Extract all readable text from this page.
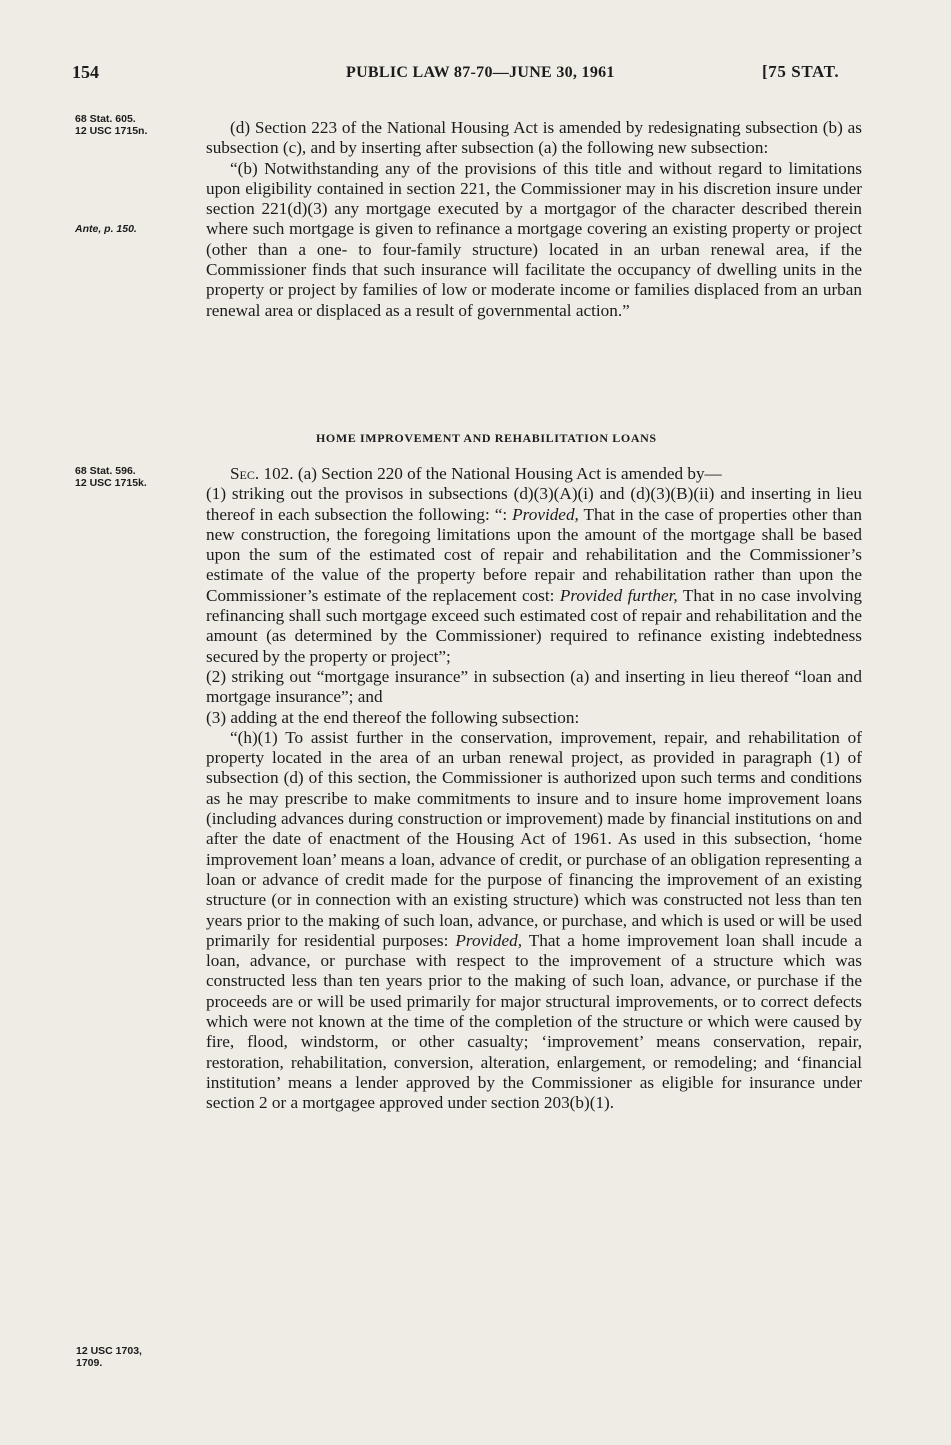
154	PUBLIC LAW 87-70—JUNE 30, 1961	[75 STAT.
68 Stat. 605.
12 USC 1715n.
Ante, p. 150.
68 Stat. 596.
12 USC 1715k.
12 USC 1703,
1709.

(d) Section 223 of the National Housing Act is amended by redesignating subsection (b) as subsection (c), and by inserting after subsection (a) the following new subsection:

“(b) Notwithstanding any of the provisions of this title and without regard to limitations upon eligibility contained in section 221, the Commissioner may in his discretion insure under section 221(d)(3) any mortgage executed by a mortgagor of the character described therein where such mortgage is given to refinance a mortgage covering an existing property or project (other than a one- to four-family structure) located in an urban renewal area, if the Commissioner finds that such insurance will facilitate the occupancy of dwelling units in the property or project by families of low or moderate income or families displaced from an urban renewal area or displaced as a result of governmental action.”

HOME IMPROVEMENT AND REHABILITATION LOANS

Sec. 102. (a) Section 220 of the National Housing Act is amended by—

(1) striking out the provisos in subsections (d)(3)(A)(i) and (d)(3)(B)(ii) and inserting in lieu thereof in each subsection the following: “: Provided, That in the case of properties other than new construction, the foregoing limitations upon the amount of the mortgage shall be based upon the sum of the estimated cost of repair and rehabilitation and the Commissioner’s estimate of the value of the property before repair and rehabilitation rather than upon the Commissioner’s estimate of the replacement cost: Provided further, That in no case involving refinancing shall such mortgage exceed such estimated cost of repair and rehabilitation and the amount (as determined by the Commissioner) required to refinance existing indebtedness secured by the property or project”;

(2) striking out “mortgage insurance” in subsection (a) and inserting in lieu thereof “loan and mortgage insurance”; and

(3) adding at the end thereof the following subsection:

“(h)(1) To assist further in the conservation, improvement, repair, and rehabilitation of property located in the area of an urban renewal project, as provided in paragraph (1) of subsection (d) of this section, the Commissioner is authorized upon such terms and conditions as he may prescribe to make commitments to insure and to insure home improvement loans (including advances during construction or improvement) made by financial institutions on and after the date of enactment of the Housing Act of 1961. As used in this subsection, ‘home improvement loan’ means a loan, advance of credit, or purchase of an obligation representing a loan or advance of credit made for the purpose of financing the improvement of an existing structure (or in connection with an existing structure) which was constructed not less than ten years prior to the making of such loan, advance, or purchase, and which is used or will be used primarily for residential purposes: Provided, That a home improvement loan shall incude a loan, advance, or purchase with respect to the improvement of a structure which was constructed less than ten years prior to the making of such loan, advance, or purchase if the proceeds are or will be used primarily for major structural improvements, or to correct defects which were not known at the time of the completion of the structure or which were caused by fire, flood, windstorm, or other casualty; ‘improvement’ means conservation, repair, restoration, rehabilitation, conversion, alteration, enlargement, or remodeling; and ‘financial institution’ means a lender approved by the Commissioner as eligible for insurance under section 2 or a mortgagee approved under section 203(b)(1).
